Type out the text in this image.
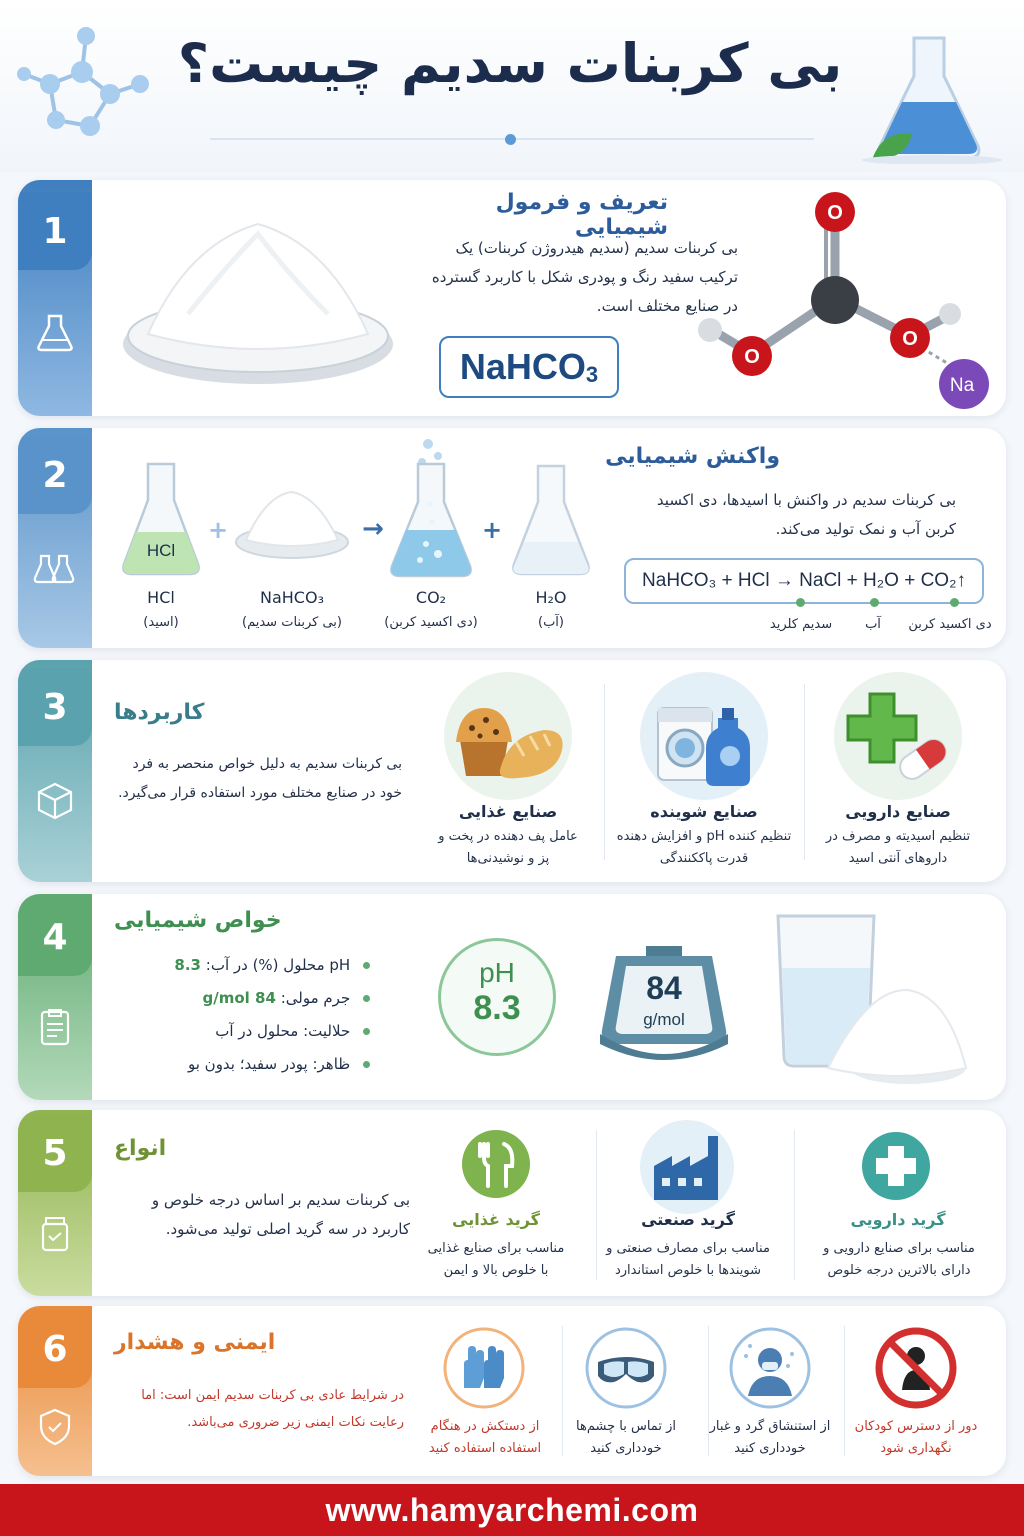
بی کربنات سدیم چیست؟
1
تعریف و فرمول شیمیایی
بی کربنات سدیم (سدیم هیدروژن کربنات) یک ترکیب سفید رنگ و پودری شکل با کاربرد گسترده در صنایع مختلف است.
NaHCO$_3$
O
O
O
Na
2
HCl
+	→	+
HCl
(اسید)
NaHCO₃
(بی کربنات سدیم)
CO₂
(دی اکسید کربن)
H₂O
(آب)
واکنش شیمیایی
بی کربنات سدیم در واکنش با اسیدها، دی اکسید کربن آب و نمک تولید می‌کند.
NaHCO₃ + HCl → NaCl + H₂O + CO₂↑
دی اکسید کربن
آب
سدیم کلرید
3	کاربردها
بی کربنات سدیم به دلیل خواص منحصر به فرد خود در صنایع مختلف مورد استفاده قرار می‌گیرد.
صنایع غذایی
عامل پف دهنده در پخت و پز و نوشیدنی‌ها
صنایع شوینده
تنظیم کننده pH و افزایش دهنده قدرت پاککنندگی
صنایع دارویی
تنظیم اسیدیته و مصرف در داروهای آنتی اسید
4	خواص شیمیایی
pH محلول (%) در آب: 8.3
جرم مولی: 84 g/mol
حلالیت: محلول در آب
ظاهر: پودر سفید؛ بدون بو
pH
8.3
84
g/mol
5	انواع
بی کربنات سدیم بر اساس درجه خلوص و کاربرد در سه گرید اصلی تولید می‌شود.	گرید غذایی
مناسب برای صنایع غذایی با خلوص بالا و ایمن
گرید صنعتی
مناسب برای مصارف صنعتی و شویندها با خلوص استاندارد
گرید دارویی
مناسب برای صنایع دارویی و دارای بالاترین درجه خلوص
6	ایمنی و هشدار
در شرایط عادی بی کربنات سدیم ایمن است: اما رعایت نکات ایمنی زیر ضروری می‌باشد.	از دستکش در هنگام استفاده استفاده کنید
از تماس با چشم‌ها خودداری کنید
از استنشاق گرد و غبار خودداری کنید
دور از دسترس کودکان نگهداری شود
www.hamyarchemi.com
